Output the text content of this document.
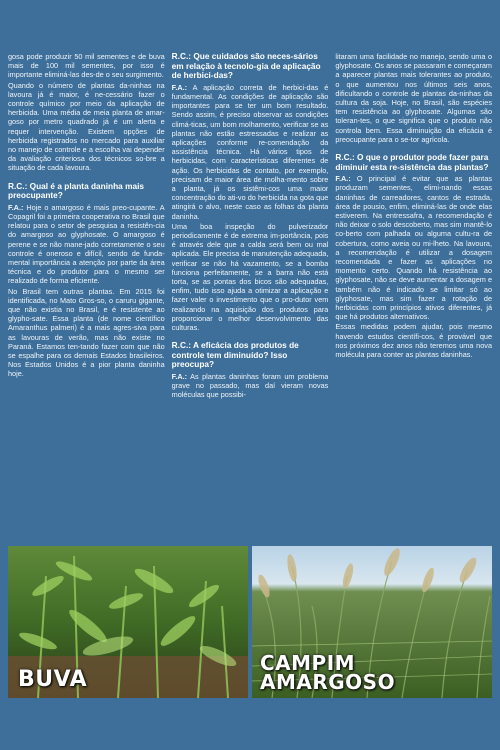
gosa pode produzir 50 mil sementes e de buva mais de 100 mil sementes, por isso é importante eliminá-las des-de o seu surgimento.

Quando o número de plantas da-ninhas na lavoura já é maior, é ne-cessário fazer o controle químico por meio da aplicação de herbicida. Uma média de meia planta de amar-goso por metro quadrado já é um alerta e requer intervenção. Existem opções de herbicida registrados no mercado para auxiliar no manejo de controle e a escolha vai depender da avaliação criteriosa dos técnicos so-bre a situação de cada lavoura.

R.C.: Qual é a planta daninha mais preocupante?

F.A.: Hoje o amargoso é mais preo-cupante. A Copagril foi a primeira cooperativa no Brasil que relatou para o setor de pesquisa a resistên-cia do amargoso ao glyphosate. O amargoso é perene e se não mane-jado corretamente o seu controle é oneroso e difícil, sendo de funda-mental importância a atenção por parte da área técnica e do produtor para o mesmo ser realizado de forma eficiente.

No Brasil tem outras plantas. Em 2015 foi identificada, no Mato Gros-so, o caruru gigante, que não existia no Brasil, e é resistente ao glypho-sate. Essa planta (de nome científico Amaranthus palmeri) é a mais agres-siva para as lavouras de verão, mas não existe no Paraná. Estamos ten-tando fazer com que não se espalhe para os demais Estados brasileiros. Nos Estados Unidos é a pior planta daninha hoje.

R.C.: Que cuidados são neces-sários em relação à tecnolo-gia de aplicação de herbici-das?

F.A.: A aplicação correta de herbici-das é fundamental. As condições de aplicação são importantes para se ter um bom resultado. Sendo assim, é preciso observar as condições climá-ticas, um bom molhamento, verificar se as plantas não estão estressadas e realizar as aplicações conforme re-comendação da assistência técnica. Há vários tipos de herbicidas, com características diferentes de ação. Os herbicidas de contato, por exemplo, precisam de maior área de molha-mento sobre a planta, já os sistêmi-cos uma maior concentração do ati-vo do herbicida na gota que atingirá o alvo, neste caso as folhas da planta daninha.

Uma boa inspeção do pulverizador periodicamente é de extrema im-portância, pois é através dele que a calda será bem ou mal aplicada. Ele precisa de manutenção adequada, verificar se não há vazamento, se a bomba funciona perfeitamente, se a barra não está torta, se as pontas dos bicos são adequadas, enfim, tudo isso ajuda a otimizar a aplicação e fazer valer o investimento que o pro-dutor vem realizando na aquisição dos produtos para proporcionar o melhor desenvolvimento das culturas.

R.C.: A eficácia dos produtos de controle tem diminuído? Isso preocupa?

F.A.: As plantas daninhas foram um problema grave no passado, mas daí vieram novas moléculas que possibi-

litaram uma facilidade no manejo, sendo uma o glyphosate. Os anos se passaram e começaram a aparecer plantas mais tolerantes ao produto, o que aumentou nos últimos seis anos, dificultando o controle de plantas da-ninhas da cultura da soja. Hoje, no Brasil, são espécies tem resistência ao glyphosate. Algumas são toleran-tes, o que significa que o produto não controla bem. Essa diminuição da eficácia é preocupante para o se-tor agrícola.

R.C.: O que o produtor pode fazer para diminuir esta re-sistência das plantas?

F.A.: O principal é evitar que as plantas produzam sementes, elimi-nando essas daninhas de carreadores, cantos de estrada, área de pousio, enfim, eliminá-las de onde elas estiverem. Na entressafra, a recomendação é não deixar o solo descoberto, mas sim mantê-lo co-berto com palhada ou alguma cultu-ra de cobertura, como aveia ou mi-lheto. Na lavoura, a recomendação é utilizar a dosagem recomendada e fazer as aplicações no momento certo. Quando há resistência ao glyphosate, não se deve aumentar a dosagem e também não é indicado se limitar só ao glyphosate, mas sim fazer a rotação de herbicidas com princípios ativos diferentes, já que há produtos alternativos.

Essas medidas podem ajudar, pois mesmo havendo estudos científi-cos, é provável que nos próximos dez anos não teremos uma nova molécula para conter as plantas daninhas.

BUVA
CAMPIM
AMARGOSO
